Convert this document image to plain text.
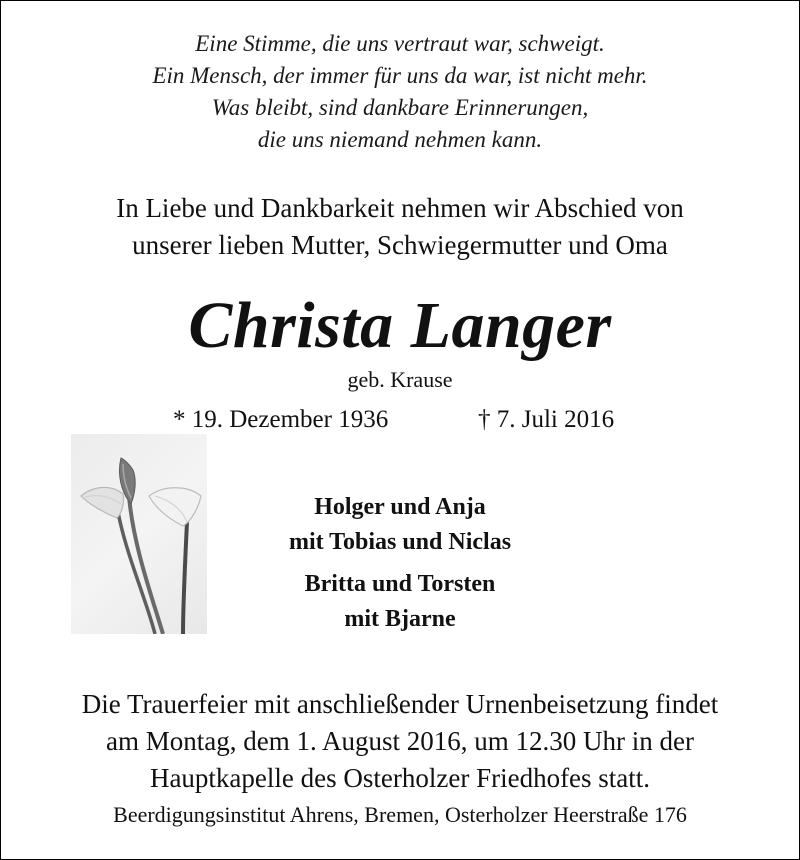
Eine Stimme, die uns vertraut war, schweigt.
Ein Mensch, der immer für uns da war, ist nicht mehr.
Was bleibt, sind dankbare Erinnerungen,
die uns niemand nehmen kann.
In Liebe und Dankbarkeit nehmen wir Abschied von
unserer lieben Mutter, Schwiegermutter und Oma
Christa Langer
geb. Krause
* 19. Dezember 1936	† 7. Juli 2016
Holger und Anja
mit Tobias und Niclas
Britta und Torsten
mit Bjarne
Die Trauerfeier mit anschließender Urnenbeisetzung findet
am Montag, dem 1. August 2016, um 12.30 Uhr in der
Hauptkapelle des Osterholzer Friedhofes statt.
Beerdigungsinstitut Ahrens, Bremen, Osterholzer Heerstraße 176
